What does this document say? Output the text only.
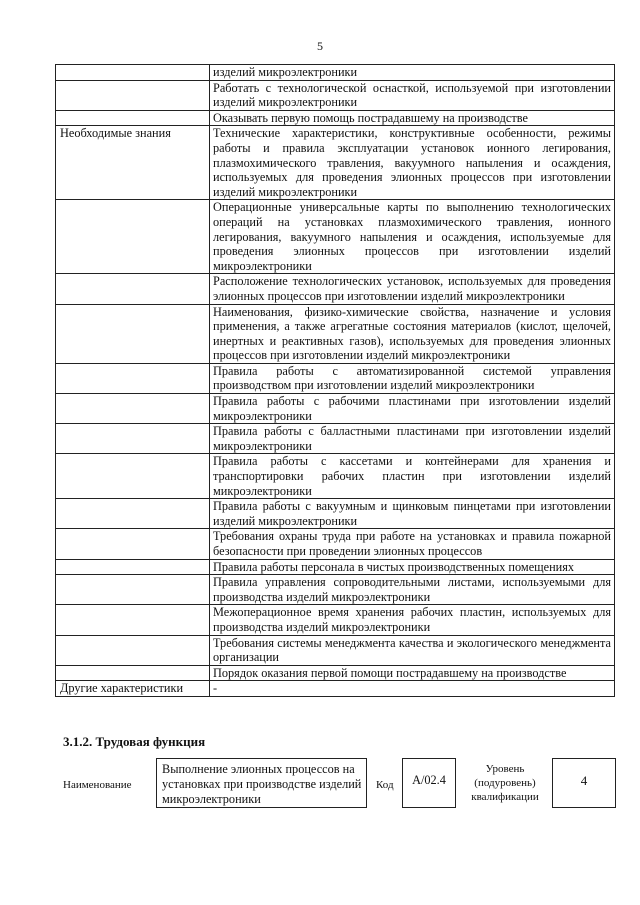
5
	изделий микроэлектроники
	Работать с технологической оснасткой, используемой при изготовлении изделий микроэлектроники
	Оказывать первую помощь пострадавшему на производстве
Необходимые знания	Технические характеристики, конструктивные особенности, режимы работы и правила эксплуатации установок ионного легирования, плазмохимического травления, вакуумного напыления и осаждения, используемых для проведения элионных процессов при изготовлении изделий микроэлектроники
	Операционные универсальные карты по выполнению технологических операций на установках плазмохимического травления, ионного легирования, вакуумного напыления и осаждения, используемые для проведения элионных процессов при изготовлении изделий микроэлектроники
	Расположение технологических установок, используемых для проведения элионных процессов при изготовлении изделий микроэлектроники
	Наименования, физико-химические свойства, назначение и условия применения, а также агрегатные состояния материалов (кислот, щелочей, инертных и реактивных газов), используемых для проведения элионных процессов при изготовлении изделий микроэлектроники
	Правила работы с автоматизированной системой управления производством при изготовлении изделий микроэлектроники
	Правила работы с рабочими пластинами при изготовлении изделий микроэлектроники
	Правила работы с балластными пластинами при изготовлении изделий микроэлектроники
	Правила работы с кассетами и контейнерами для хранения и транспортировки рабочих пластин при изготовлении изделий микроэлектроники
	Правила работы с вакуумным и щинковым пинцетами при изготовлении изделий микроэлектроники
	Требования охраны труда при работе на установках и правила пожарной безопасности при проведении элионных процессов
	Правила работы персонала в чистых производственных помещениях
	Правила управления сопроводительными листами, используемыми для производства изделий микроэлектроники
	Межоперационное время хранения рабочих пластин, используемых для производства изделий микроэлектроники
	Требования системы менеджмента качества и экологического менеджмента организации
	Порядок оказания первой помощи пострадавшему на производстве
Другие характеристики	-
3.1.2. Трудовая функция
Наименование
Выполнение элионных процессов на установках при производстве изделий микроэлектроники
Код	A/02.4
Уровень (подуровень) квалификации
4
